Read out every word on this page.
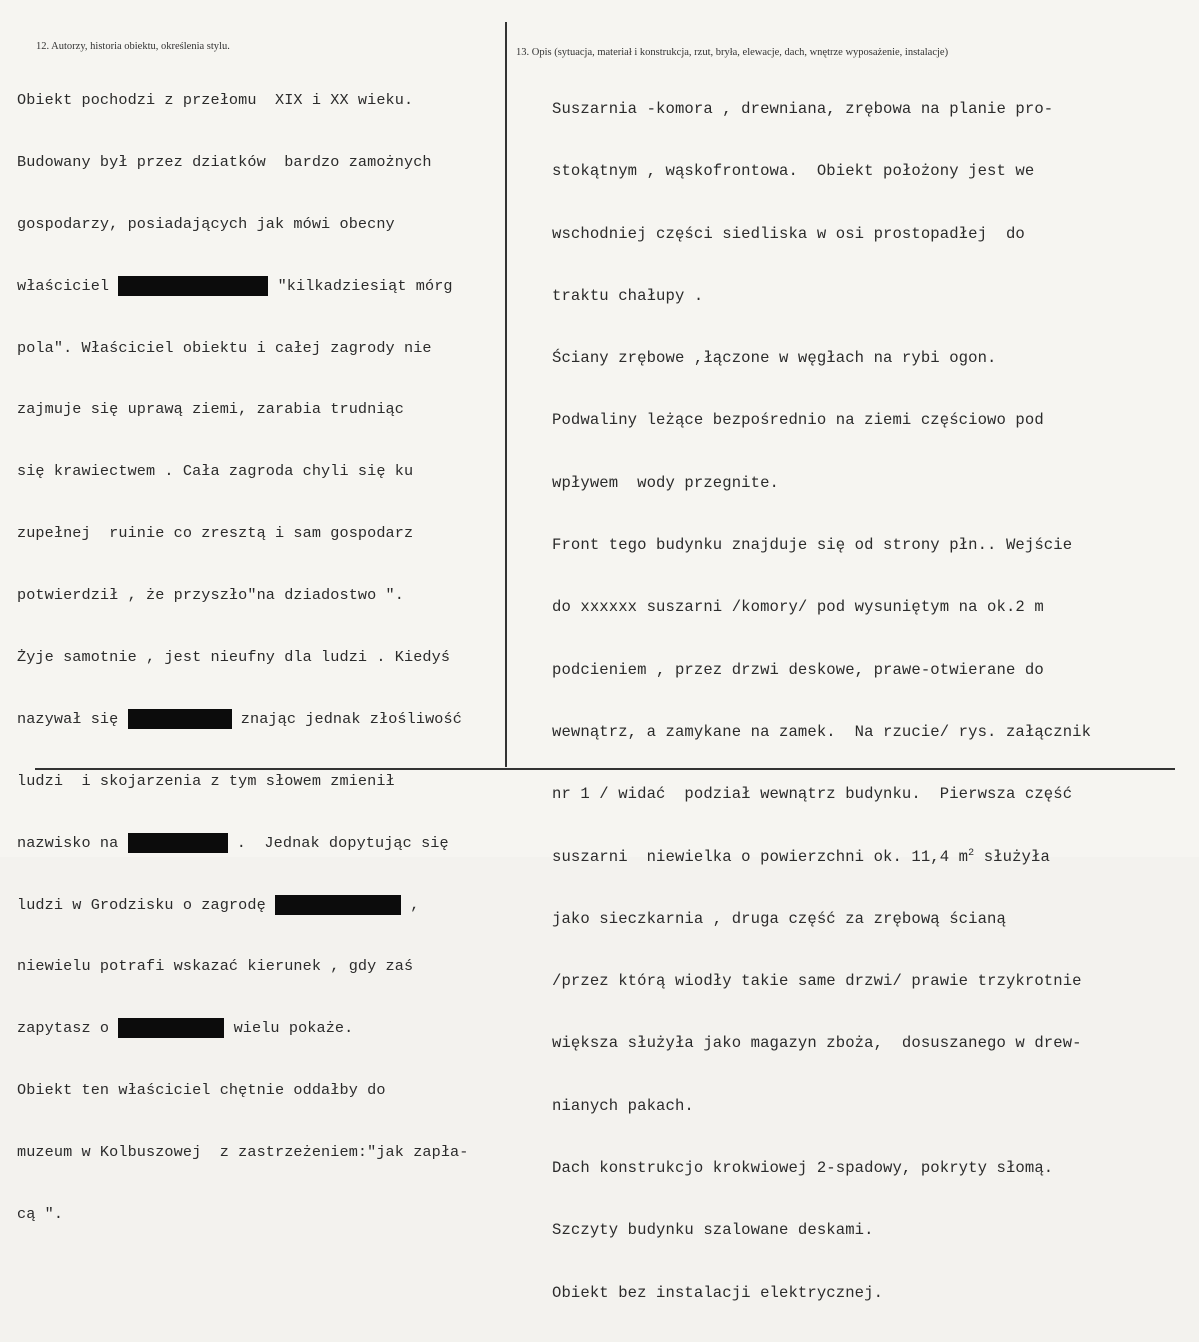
12. Autorzy, historia obiektu, określenia stylu.
13. Opis (sytuacja, materiał i konstrukcja, rzut, bryła, elewacje, dach, wnętrze wyposażenie, instalacje)

Obiekt pochodzi z przełomu  XIX i XX wieku.

Budowany był przez dziatków  bardzo zamożnych

gospodarzy, posiadających jak mówi obecny

właściciel	"kilkadziesiąt mórg

pola". Właściciel obiektu i całej zagrody nie

zajmuje się uprawą ziemi, zarabia trudniąc

się krawiectwem . Cała zagroda chyli się ku

zupełnej  ruinie co zresztą i sam gospodarz

potwierdził , że przyszło"na dziadostwo ".

Żyje samotnie , jest nieufny dla ludzi . Kiedyś

nazywał się	znając jednak złośliwość

ludzi  i skojarzenia z tym słowem zmienił

nazwisko na	.  Jednak dopytując się

ludzi w Grodzisku o zagrodę	,

niewielu potrafi wskazać kierunek , gdy zaś

zapytasz o	wielu pokaże.

Obiekt ten właściciel chętnie oddałby do

muzeum w Kolbuszowej  z zastrzeżeniem:"jak zapła-

cą ".

Suszarnia -komora , drewniana, zrębowa na planie pro-

stokątnym , wąskofrontowa.  Obiekt położony jest we

wschodniej części siedliska w osi prostopadłej  do

traktu chałupy .

Ściany zrębowe ,łączone w węgłach na rybi ogon.

Podwaliny leżące bezpośrednio na ziemi częściowo pod

wpływem  wody przegnite.

Front tego budynku znajduje się od strony płn.. Wejście

do xxxxxx suszarni /komory/ pod wysuniętym na ok.2 m

podcieniem , przez drzwi deskowe, prawe-otwierane do

wewnątrz, a zamykane na zamek.  Na rzucie/ rys. załącznik

nr 1 / widać  podział wewnątrz budynku.  Pierwsza część

suszarni  niewielka o powierzchni ok. 11,4 $m^2$ służyła

jako sieczkarnia , druga część za zrębową ścianą

/przez którą wiodły takie same drzwi/ prawie trzykrotnie

większa służyła jako magazyn zboża,  dosuszanego w drew-

nianych pakach.

Dach konstrukcjo krokwiowej 2-spadowy, pokryty słomą.

Szczyty budynku szalowane deskami.

Obiekt bez instalacji elektrycznej.
